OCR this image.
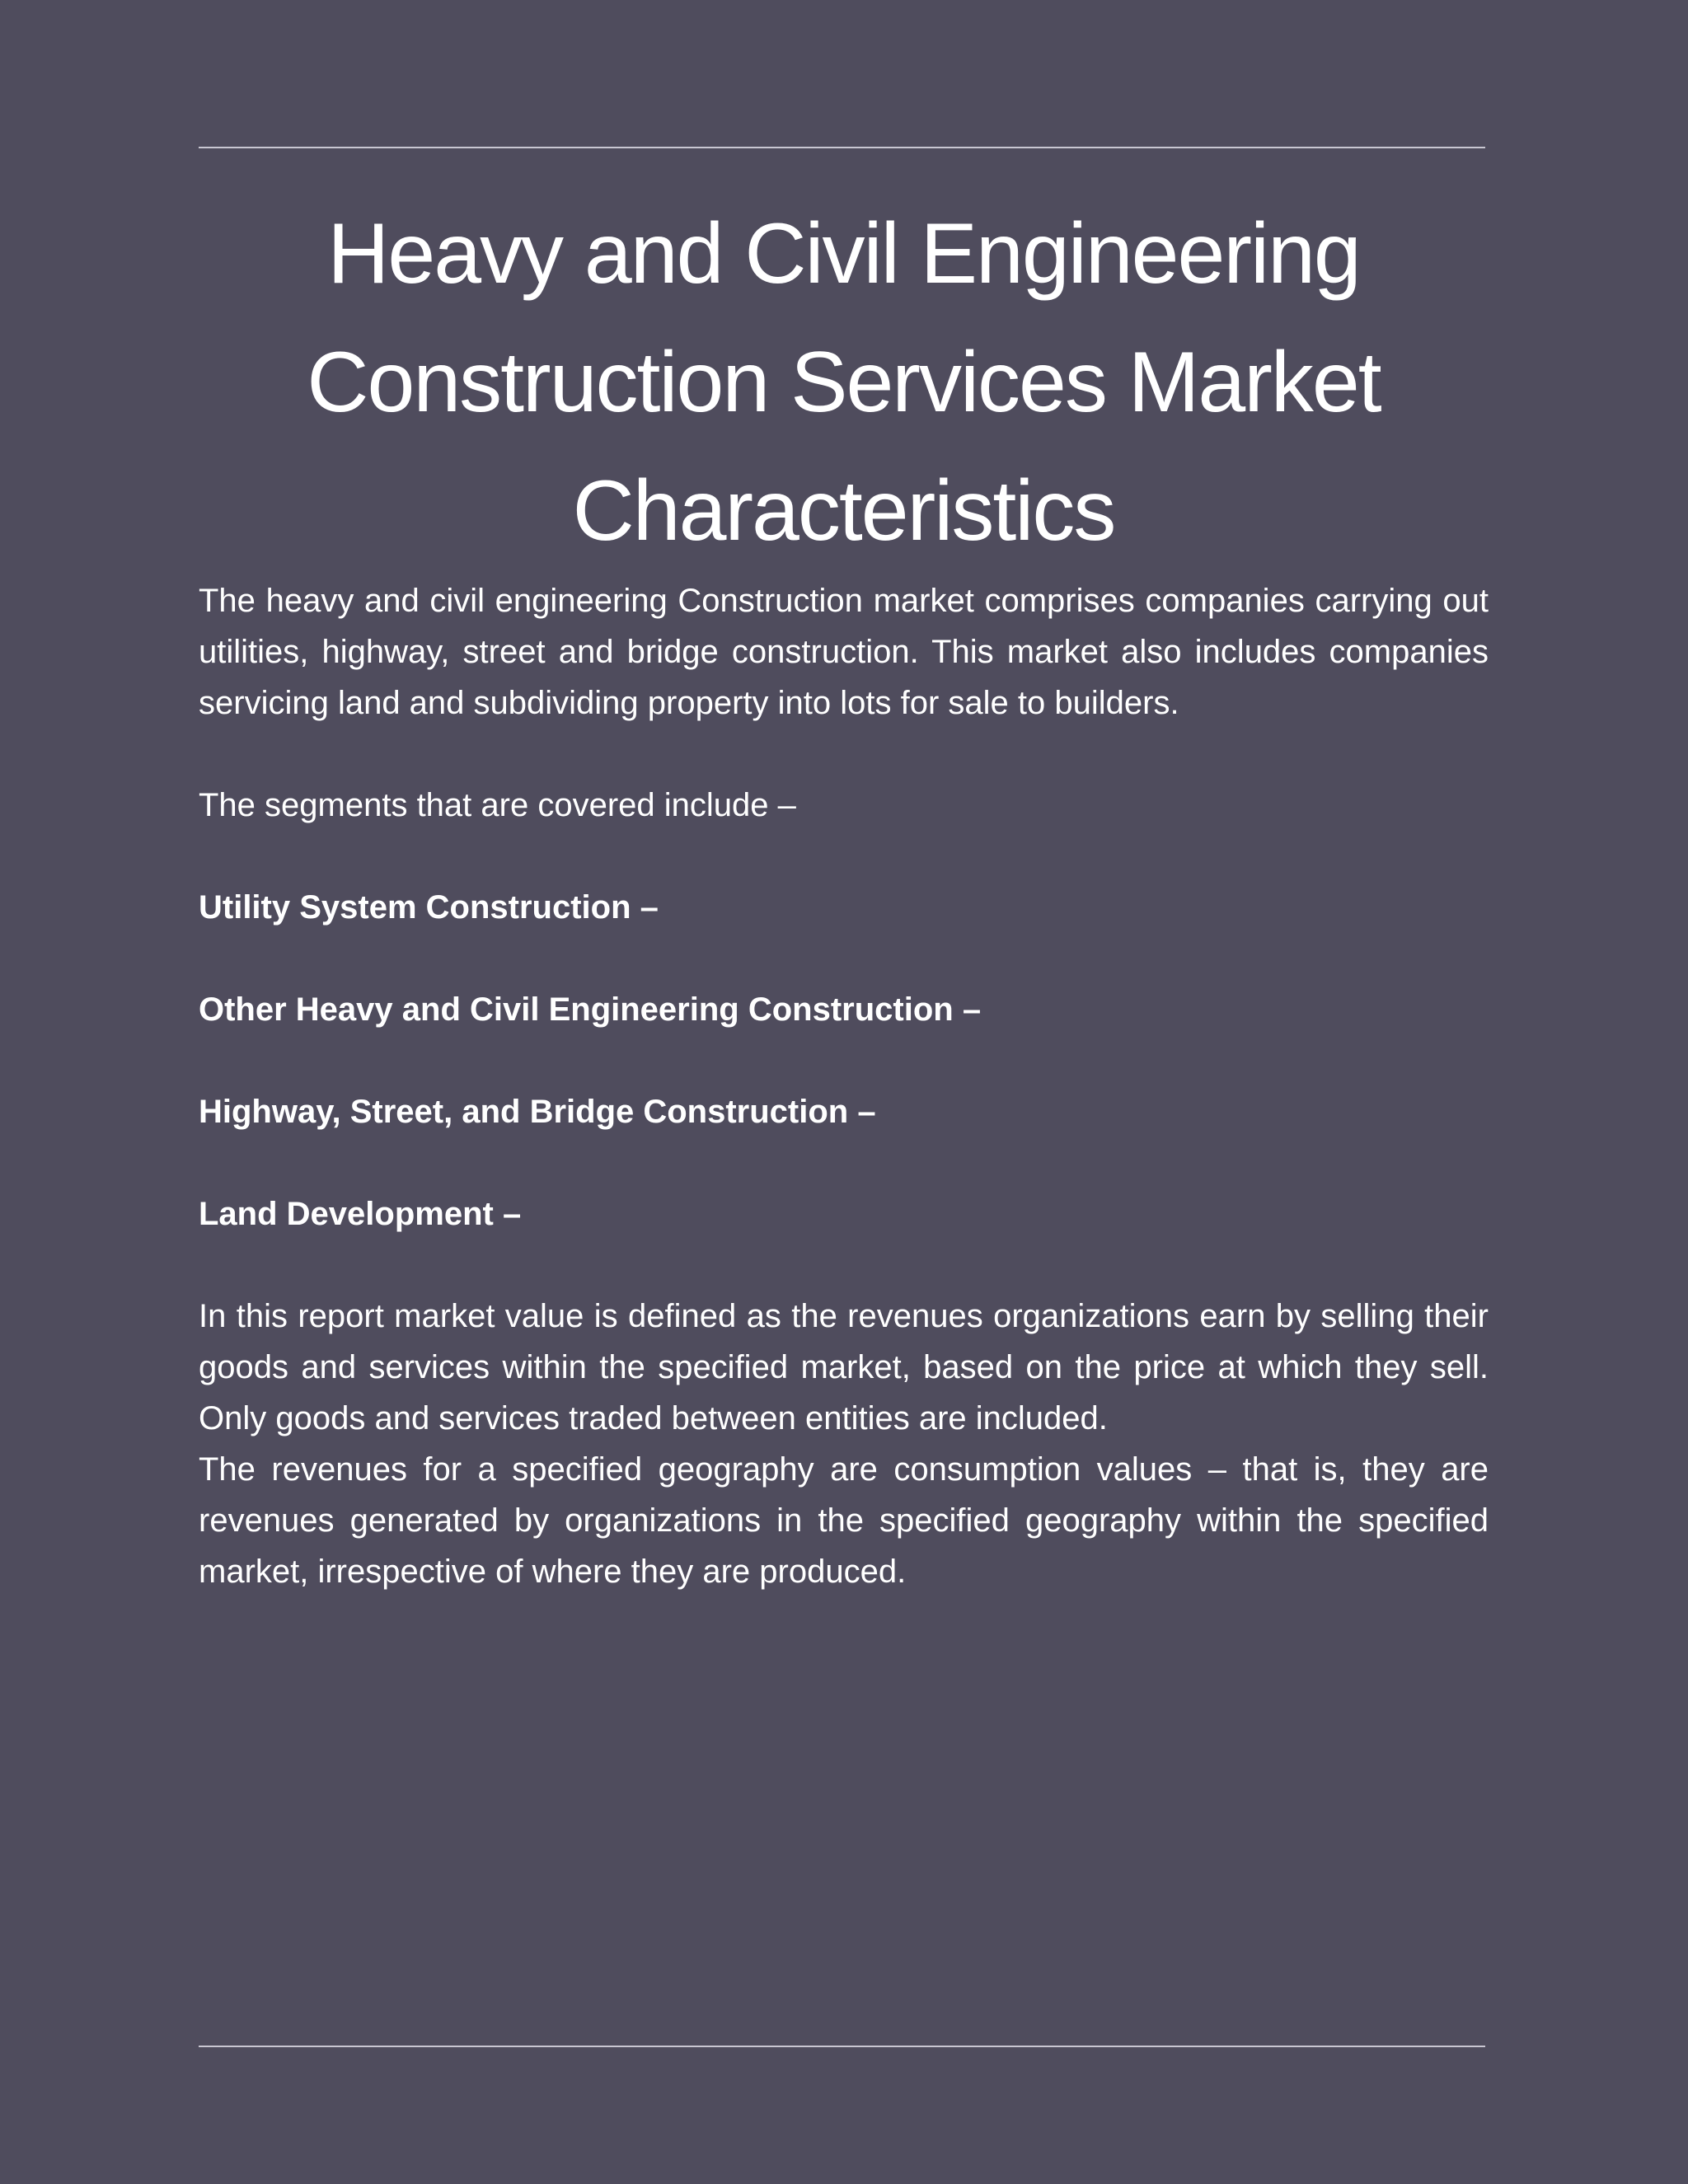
Heavy and Civil Engineering Construction Services Market Characteristics

The heavy and civil engineering Construction market comprises companies carrying out utilities, highway, street and bridge construction. This market also includes companies servicing land and subdividing property into lots for sale to builders.

The segments that are covered include –

Utility System Construction –

Other Heavy and Civil Engineering Construction –

Highway, Street, and Bridge Construction –

Land Development –

In this report market value is defined as the revenues organizations earn by selling their goods and services within the specified market, based on the price at which they sell. Only goods and services traded between entities are included.

The revenues for a specified geography are consumption values – that is, they are revenues generated by organizations in the specified geography within the specified market, irrespective of where they are produced.
